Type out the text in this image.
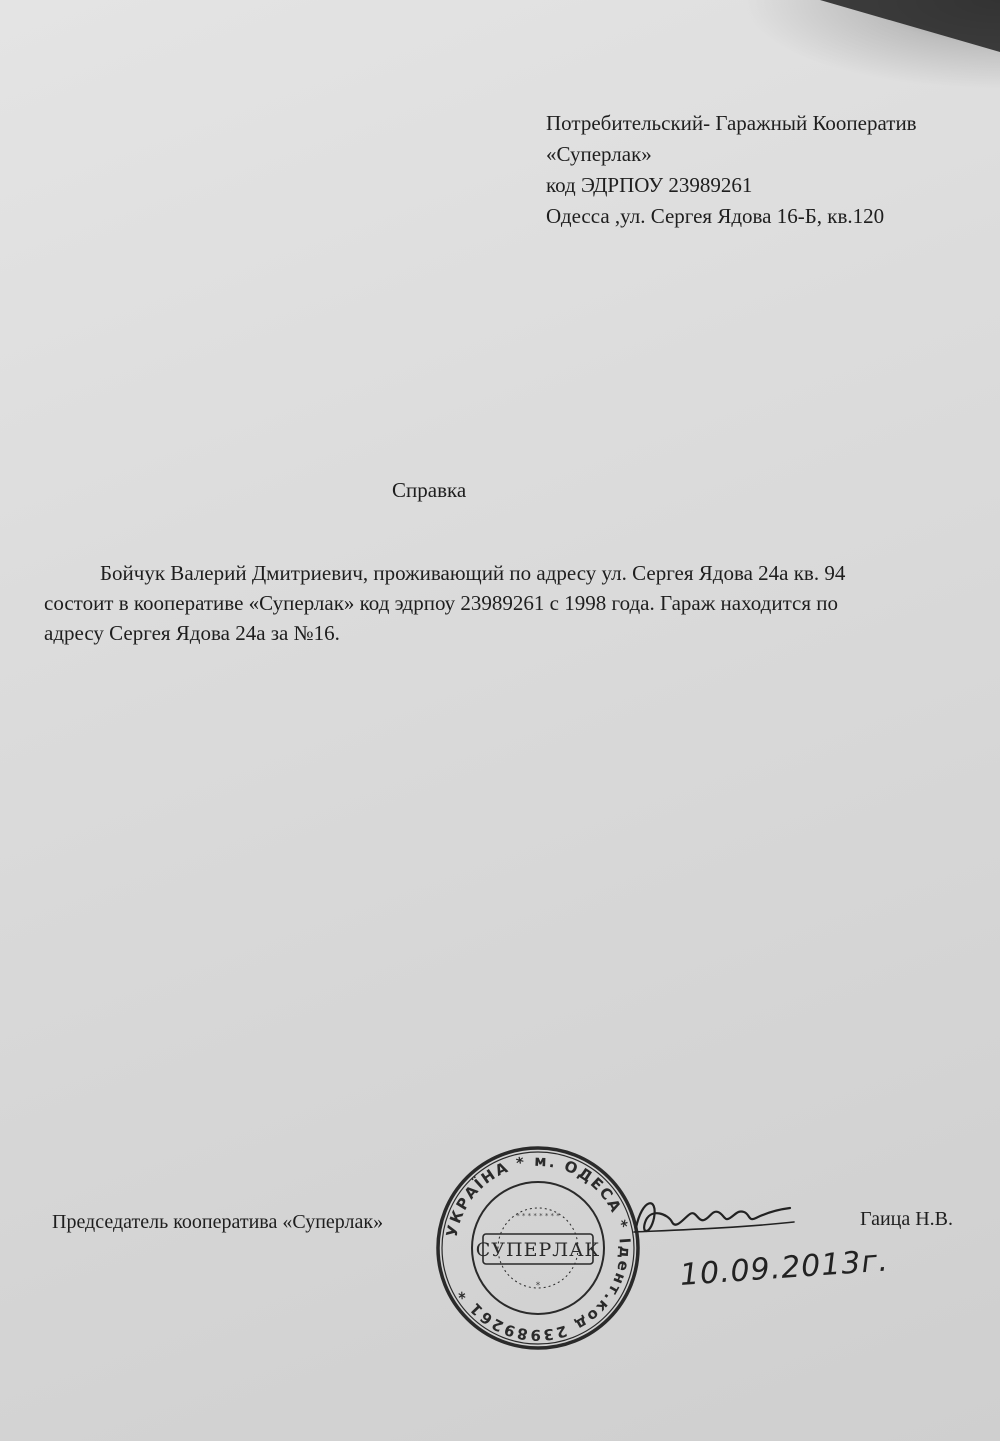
Потребительский- Гаражный Кооператив
«Суперлак»
код ЭДРПОУ 23989261
Одесса ,ул. Сергея Ядова 16-Б, кв.120
Справка
Бойчук Валерий Дмитриевич, проживающий по адресу ул. Сергея Ядова 24а кв. 94
состоит в кооперативе «Суперлак» код эдрпоу 23989261 с 1998 года. Гараж находится по
адресу Сергея Ядова 24а за №16.
Председатель кооператива «Суперлак»	Гаица Н.В.
УКРАЇНА * м. ОДЕСА * Ідент.код 23989261 *
СУПЕРЛАК
* * * * * * * *
*	10.09.2013г.
